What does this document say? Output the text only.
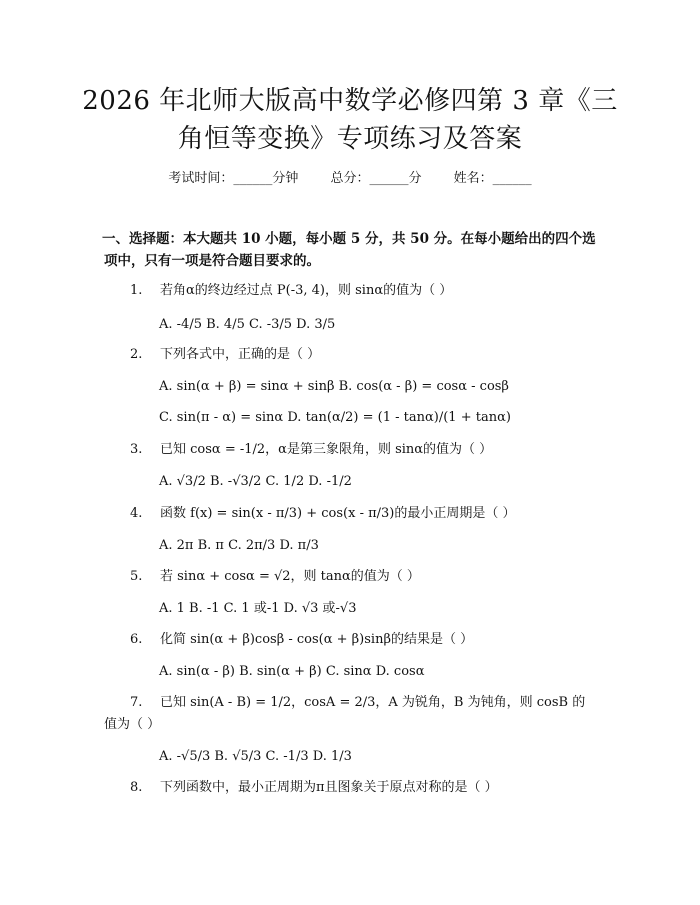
2026 年北师大版高中数学必修四第 3 章《三
角恒等变换》专项练习及答案
考试时间：______分钟 总分：______分 姓名：______
一、选择题：本大题共 10 小题，每小题 5 分，共 50 分。在每小题给出的四个选
项中，只有一项是符合题目要求的。
1.	若角α的终边经过点 P(-3, 4)，则 sinα的值为（ ）
A. -4/5 B. 4/5 C. -3/5 D. 3/5
2.	下列各式中，正确的是（ ）
A. sin(α + β) = sinα + sinβ B. cos(α - β) = cosα - cosβ
C. sin(π - α) = sinα D. tan(α/2) = (1 - tanα)/(1 + tanα)
3.	已知 cosα = -1/2，α是第三象限角，则 sinα的值为（ ）
A. √3/2 B. -√3/2 C. 1/2 D. -1/2
4.	函数 f(x) = sin(x - π/3) + cos(x - π/3)的最小正周期是（ ）
A. 2π B. π C. 2π/3 D. π/3
5.	若 sinα + cosα = √2，则 tanα的值为（ ）
A. 1 B. -1 C. 1 或-1 D. √3 或-√3
6.	化简 sin(α + β)cosβ - cos(α + β)sinβ的结果是（ ）
A. sin(α - β) B. sin(α + β) C. sinα D. cosα
7. 已知 sin(A - B) = 1/2，cosA = 2/3，A 为锐角，B 为钝角，则 cosB 的
值为（ ）
A. -√5/3 B. √5/3 C. -1/3 D. 1/3
8.	下列函数中，最小正周期为π且图象关于原点对称的是（ ）
